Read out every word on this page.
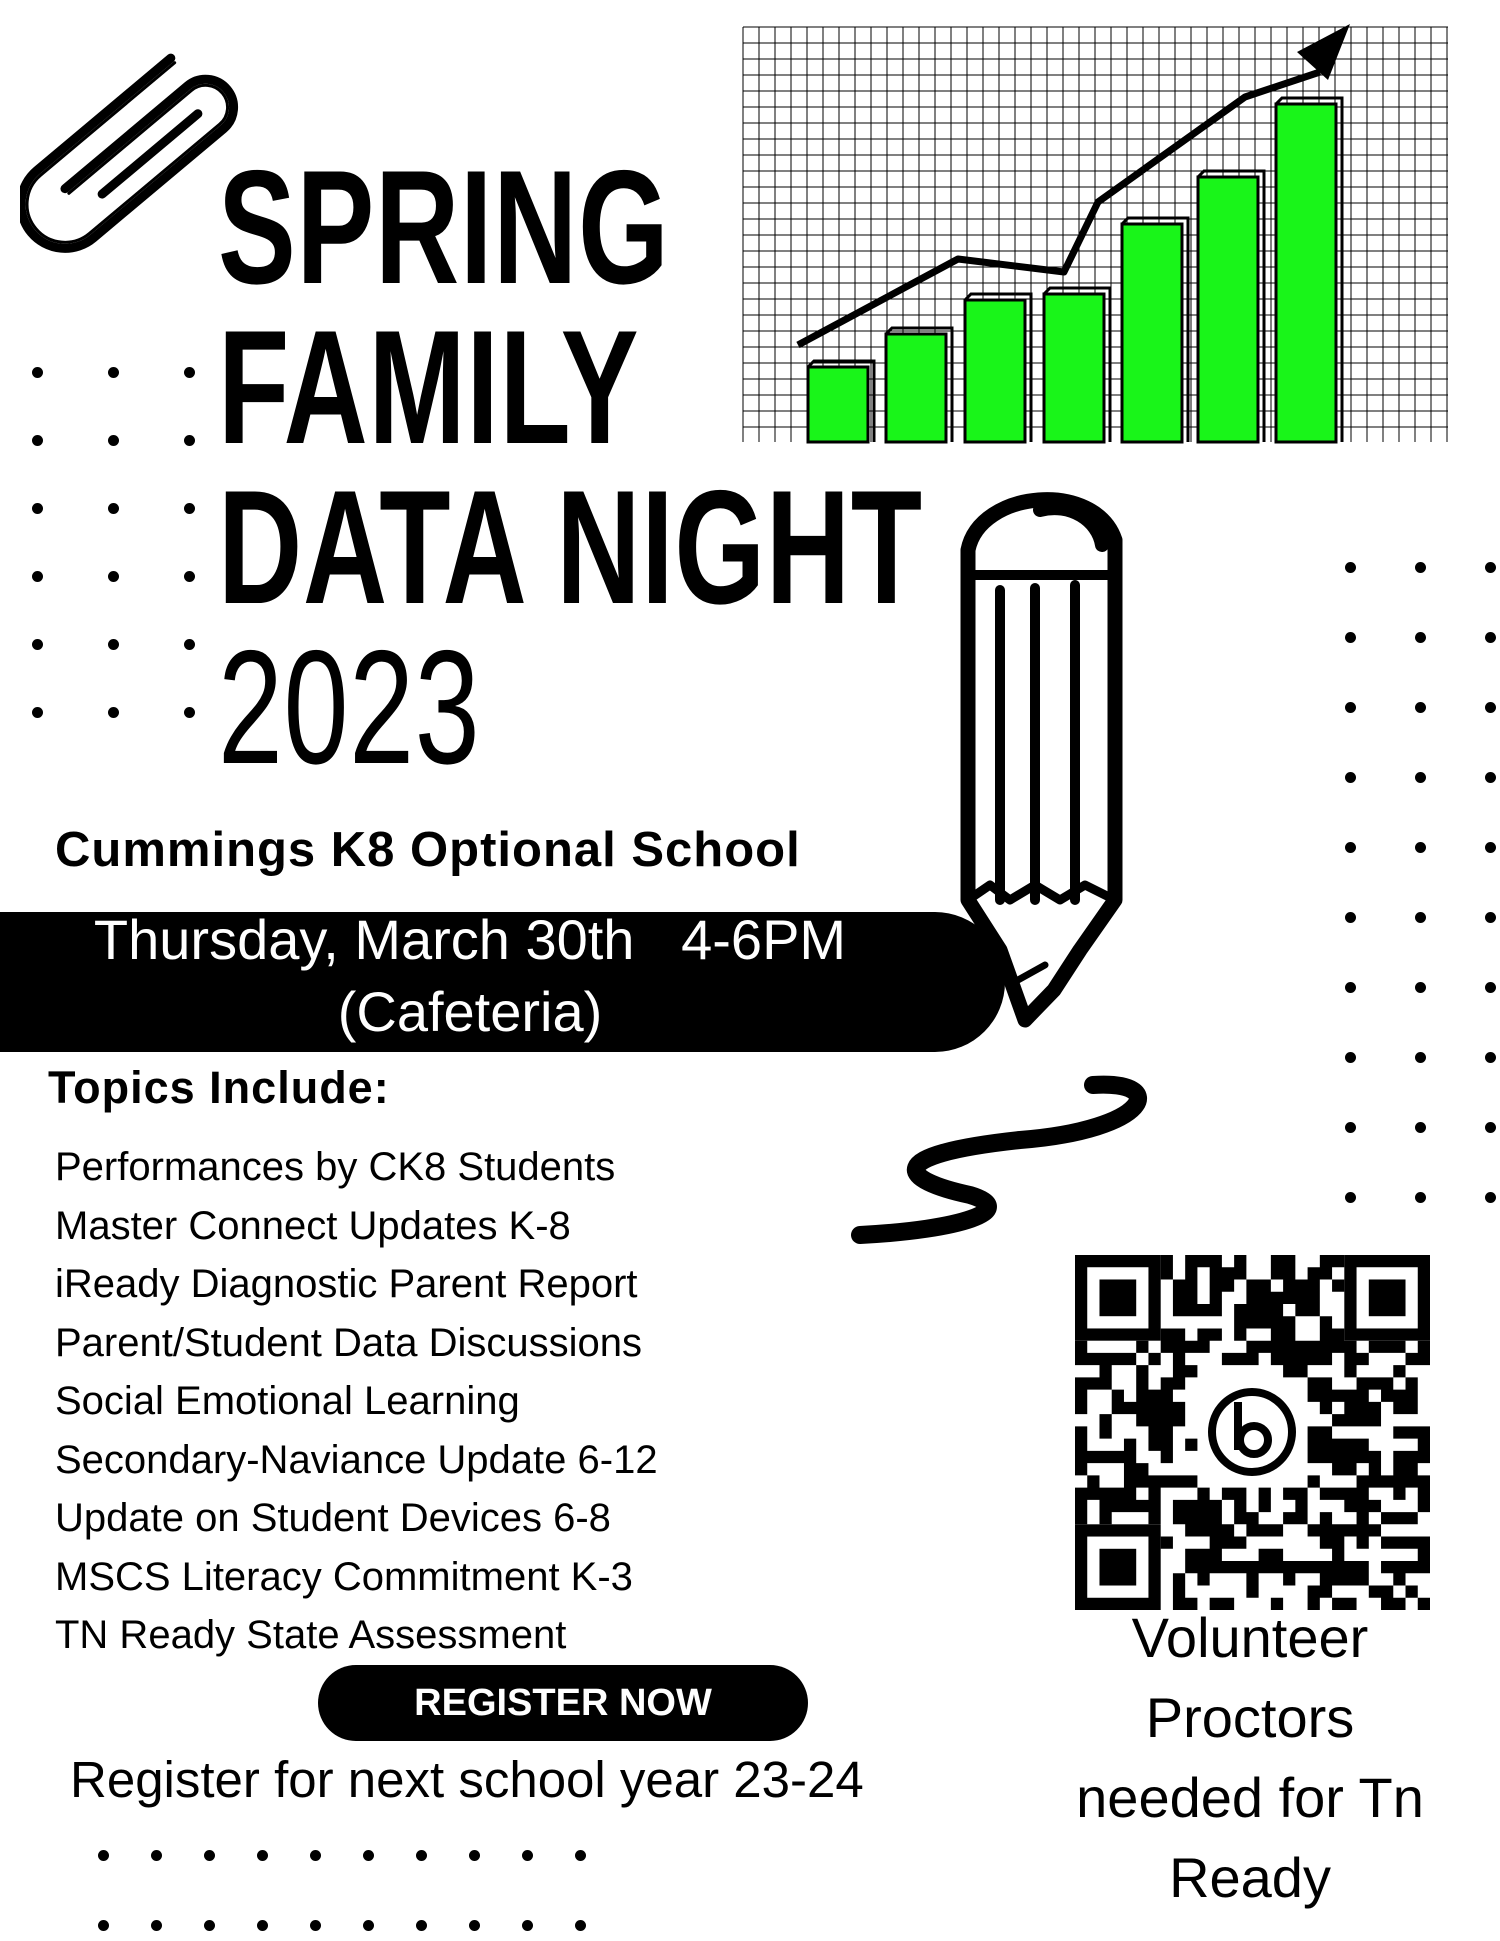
SPRING
FAMILY
DATA NIGHT
2023
Cummings K8 Optional School
Thursday, March 30th   4-6PM
(Cafeteria)
Topics Include:
Performances by CK8 Students
Master Connect Updates K-8
iReady Diagnostic Parent Report
Parent/Student Data Discussions
Social Emotional Learning
Secondary-Naviance Update 6-12
Update on Student Devices 6-8
MSCS Literacy Commitment K-3
TN Ready State Assessment
REGISTER NOW
Register for next school year 23-24
Volunteer
Proctors
needed for Tn
Ready
